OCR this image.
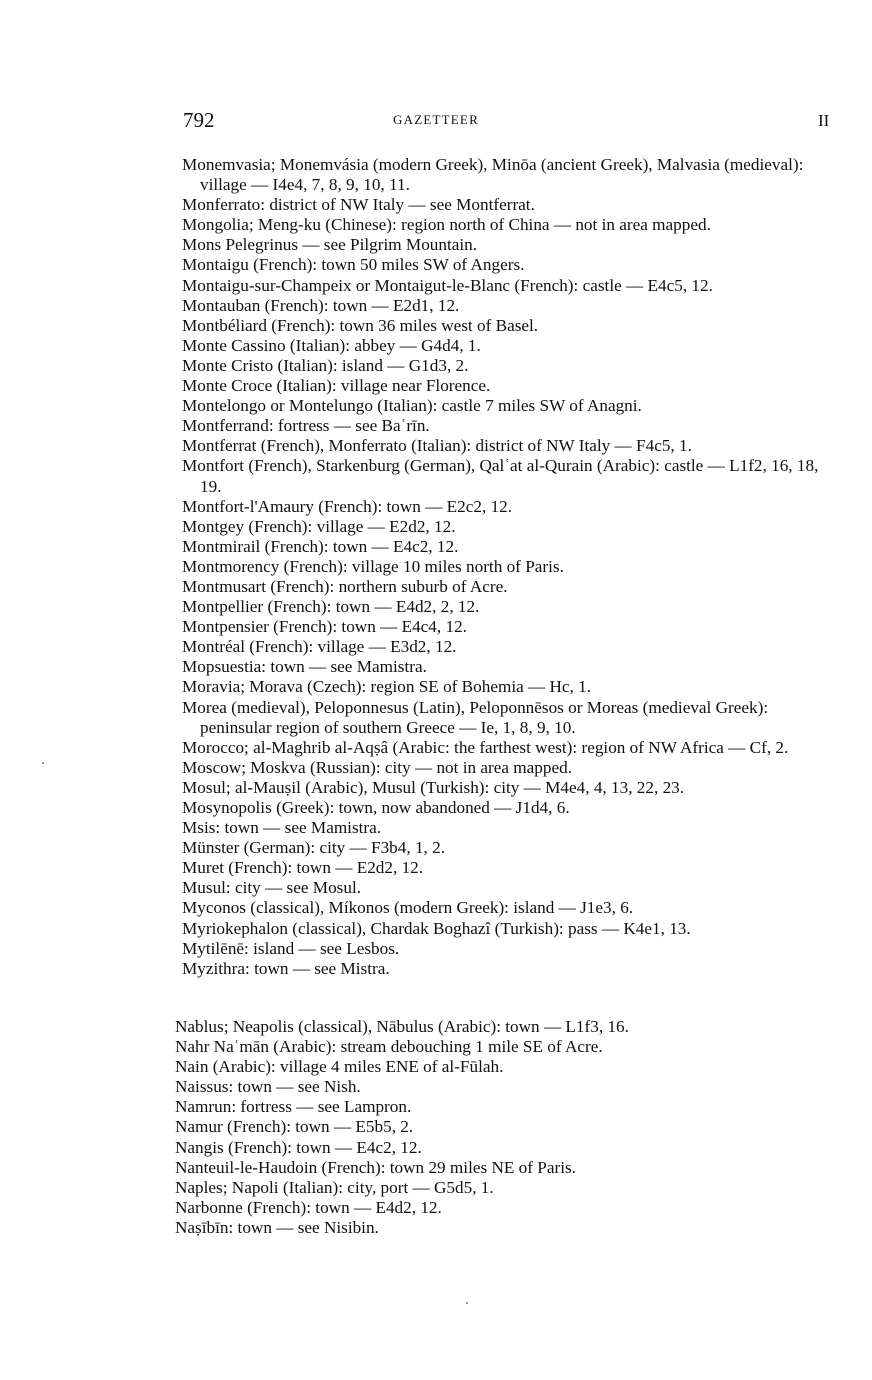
792	GAZETTEER	II
Monemvasia; Monemvásia (modern Greek), Minōa (ancient Greek), Malvasia (medieval): village — I4e4, 7, 8, 9, 10, 11.
Monferrato: district of NW Italy — see Montferrat.
Mongolia; Meng-ku (Chinese): region north of China — not in area mapped.
Mons Pelegrinus — see Pilgrim Mountain.
Montaigu (French): town 50 miles SW of Angers.
Montaigu-sur-Champeix or Montaigut-le-Blanc (French): castle — E4c5, 12.
Montauban (French): town — E2d1, 12.
Montbéliard (French): town 36 miles west of Basel.
Monte Cassino (Italian): abbey — G4d4, 1.
Monte Cristo (Italian): island — G1d3, 2.
Monte Croce (Italian): village near Florence.
Montelongo or Montelungo (Italian): castle 7 miles SW of Anagni.
Montferrand: fortress — see Baʿrīn.
Montferrat (French), Monferrato (Italian): district of NW Italy — F4c5, 1.
Montfort (French), Starkenburg (German), Qalʿat al-Qurain (Arabic): castle — L1f2, 16, 18, 19.
Montfort-l'Amaury (French): town — E2c2, 12.
Montgey (French): village — E2d2, 12.
Montmirail (French): town — E4c2, 12.
Montmorency (French): village 10 miles north of Paris.
Montmusart (French): northern suburb of Acre.
Montpellier (French): town — E4d2, 2, 12.
Montpensier (French): town — E4c4, 12.
Montréal (French): village — E3d2, 12.
Mopsuestia: town — see Mamistra.
Moravia; Morava (Czech): region SE of Bohemia — Hc, 1.
Morea (medieval), Peloponnesus (Latin), Peloponnēsos or Moreas (medieval Greek): peninsular region of southern Greece — Ie, 1, 8, 9, 10.
Morocco; al-Maghrib al-Aqṣâ (Arabic: the farthest west): region of NW Africa — Cf, 2.
Moscow; Moskva (Russian): city — not in area mapped.
Mosul; al-Mauṣil (Arabic), Musul (Turkish): city — M4e4, 4, 13, 22, 23.
Mosynopolis (Greek): town, now abandoned — J1d4, 6.
Msis: town — see Mamistra.
Münster (German): city — F3b4, 1, 2.
Muret (French): town — E2d2, 12.
Musul: city — see Mosul.
Myconos (classical), Míkonos (modern Greek): island — J1e3, 6.
Myriokephalon (classical), Chardak Boghazî (Turkish): pass — K4e1, 13.
Mytilēnē: island — see Lesbos.
Myzithra: town — see Mistra.
Nablus; Neapolis (classical), Nābulus (Arabic): town — L1f3, 16.
Nahr Naʿmān (Arabic): stream debouching 1 mile SE of Acre.
Nain (Arabic): village 4 miles ENE of al-Fūlah.
Naissus: town — see Nish.
Namrun: fortress — see Lampron.
Namur (French): town — E5b5, 2.
Nangis (French): town — E4c2, 12.
Nanteuil-le-Haudoin (French): town 29 miles NE of Paris.
Naples; Napoli (Italian): city, port — G5d5, 1.
Narbonne (French): town — E4d2, 12.
Naṣībīn: town — see Nisibin.
